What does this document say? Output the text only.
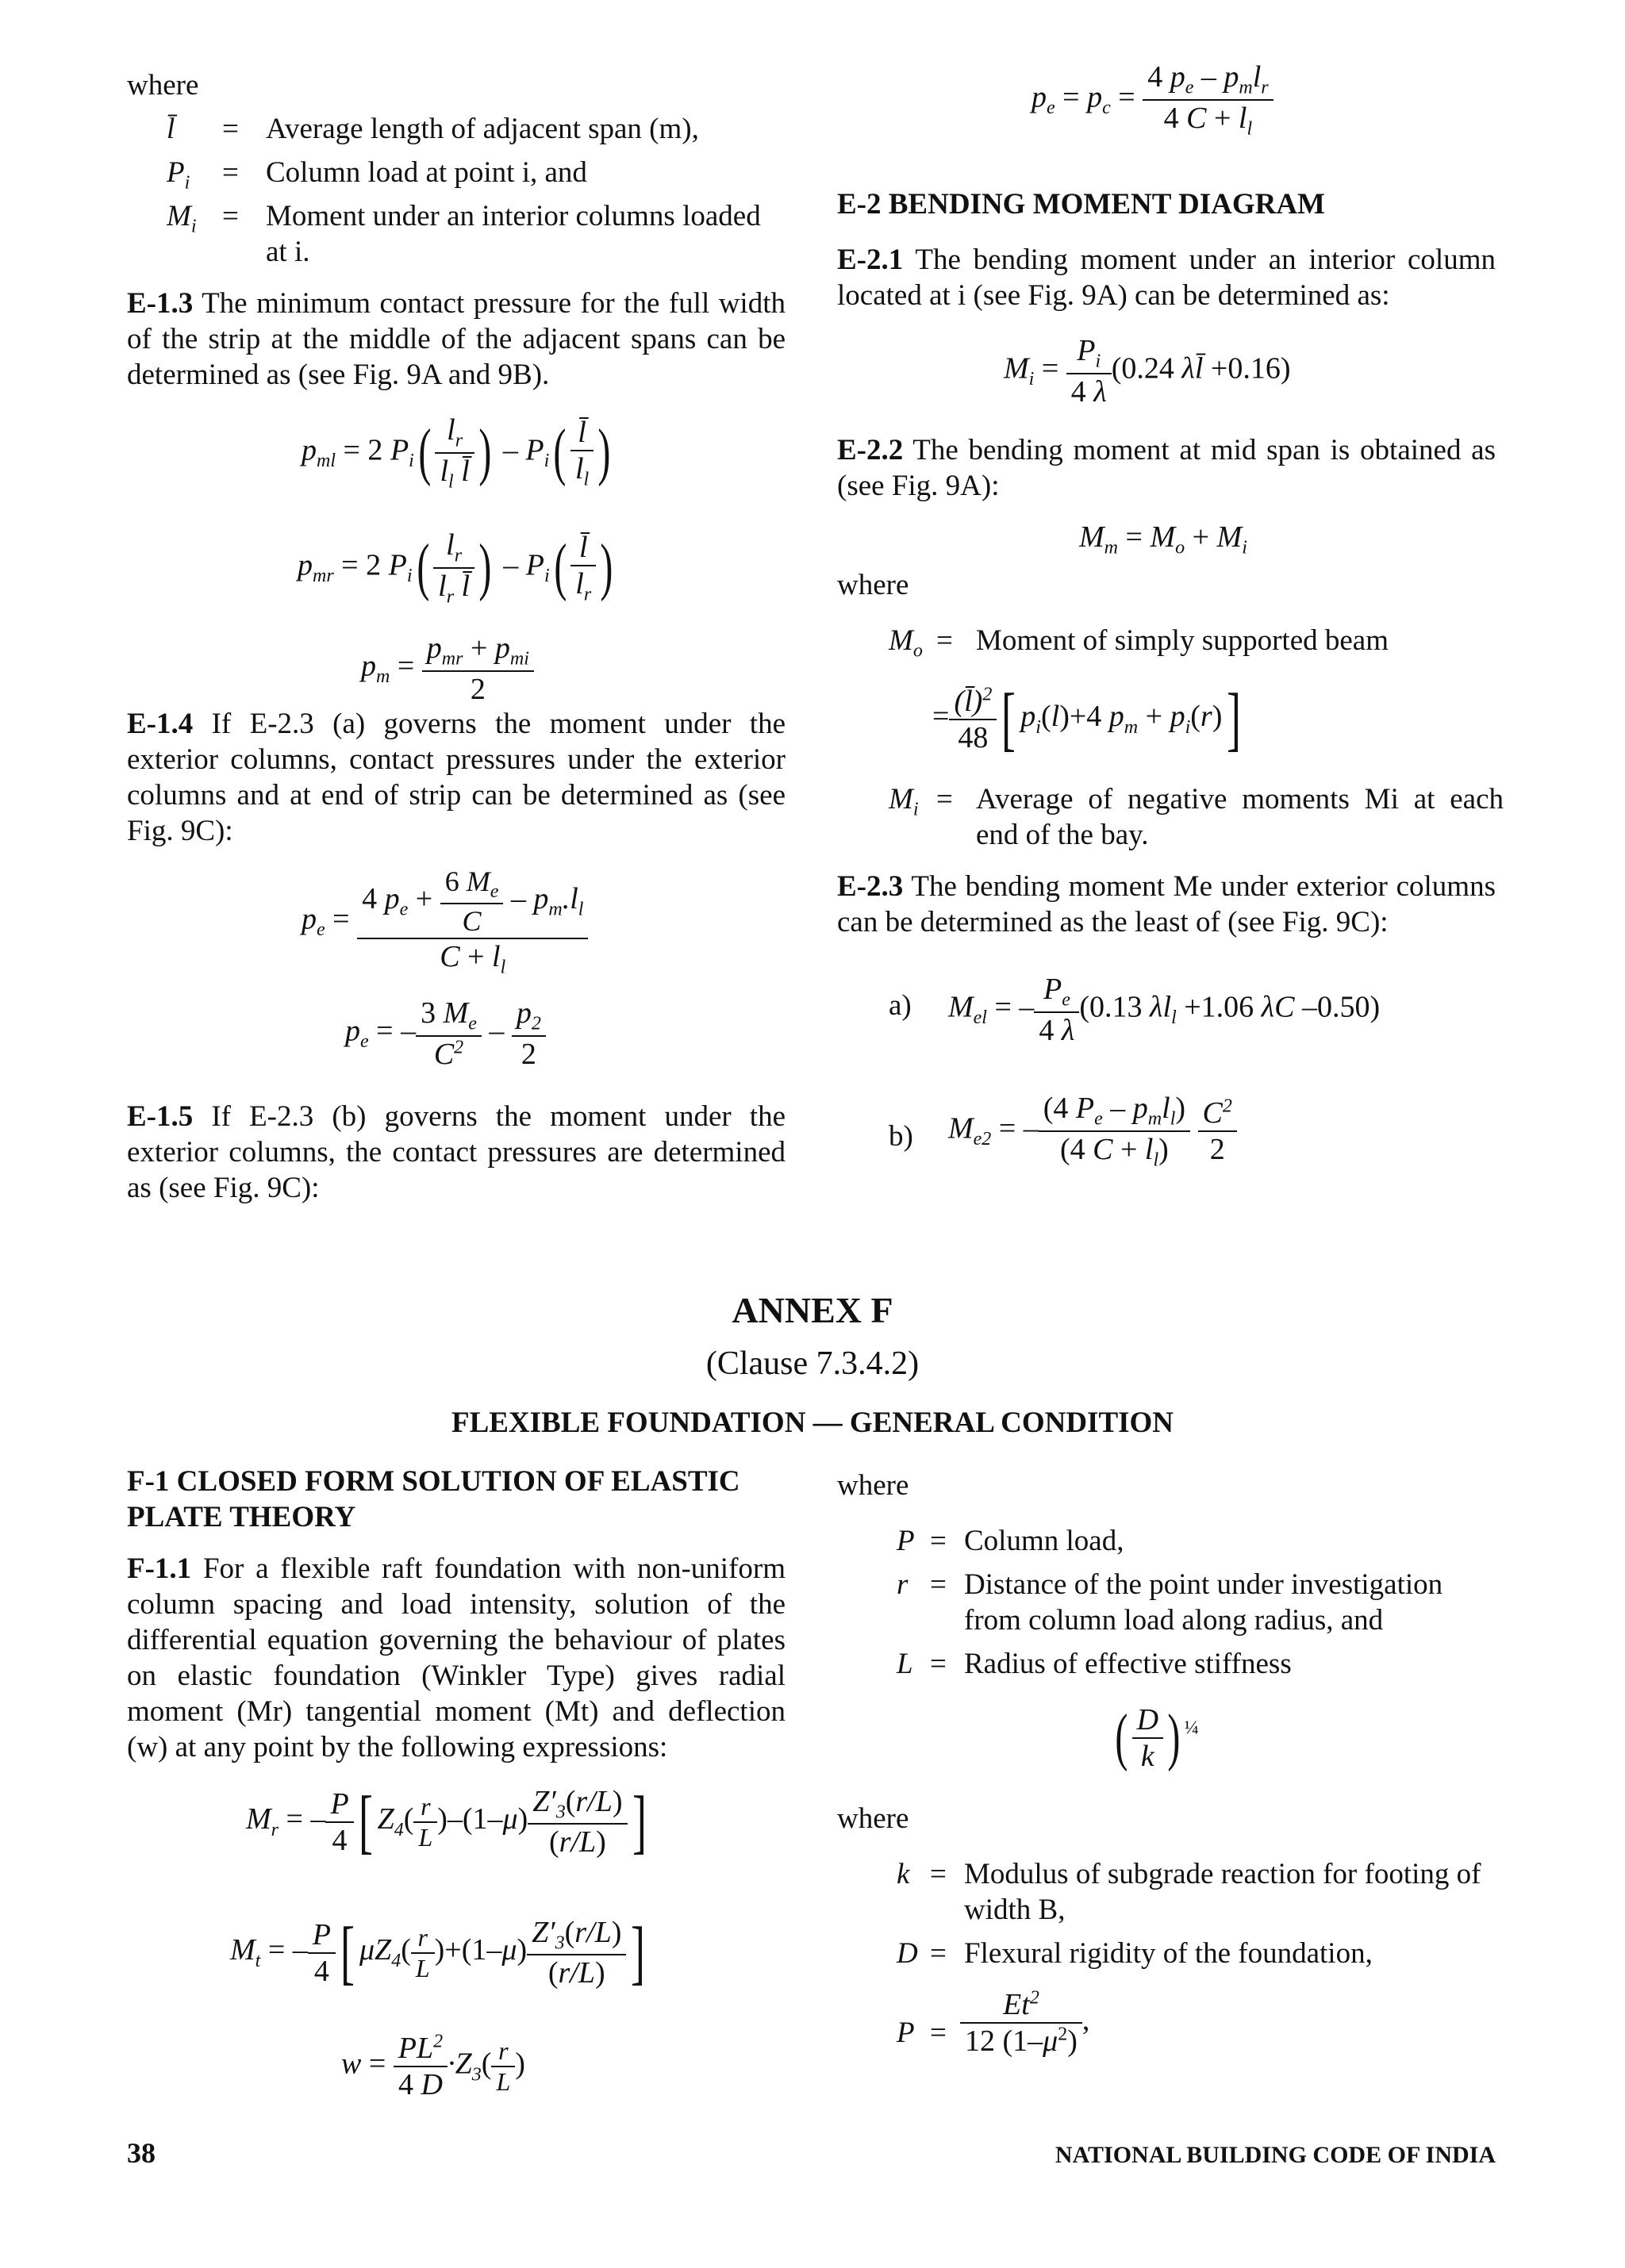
where
l̄ = Average length of adjacent span (m),
$P_i$ = Column load at point i, and
$M_i$ = Moment under an interior columns loaded
at i.
E-1.3 The minimum contact pressure for the full width of the strip at the middle of the adjacent spans can be determined as (see Fig. 9A and 9B).
$p_{ml} = 2$ $P_i( \frac{l_r}{l_l l̄}$ ) – $P_i( \frac{l̄}{l_l}$ )
$p_{mr} = 2$ $P_i( \frac{l_r}{l_r l̄}$ ) – $P_i( \frac{l̄}{l_r}$ )
$p_m = \frac{p_{mr} + p_{mi}}{2}$
E-1.4 If E-2.3 (a) governs the moment under the exterior columns, contact pressures under the exterior columns and at end of strip can be determined as (see Fig. 9C):
$p_e = \frac{4 p_e + \frac{6 M_e}{C} - p_m.l_l}{C + l_l}$
$p_e$ = – $\frac{3 M_e}{C^2} - \frac{p_2}{2}$
E-1.5 If E-2.3 (b) governs the moment under the exterior columns, the contact pressures are determined as (see Fig. 9C):
$p_e = p_c = \frac{4 p_e - p_ml_r}{4 C + l_l}$
E-2 BENDING MOMENT DIAGRAM
E-2.1 The bending moment under an interior column located at i (see Fig. 9A) can be determined as:
$M_i = \frac{P_i}{4 \lambda} (0.24$ λl̄ +0.16)
E-2.2 The bending moment at mid span is obtained as (see Fig. 9A):
$M_m = M_o + M_i$
where
$M_o$ = Moment of simply supported beam
= $\frac{(l̄)^2}{48}$ [ $p_i(l)+4$ $p_m + p_i(r)$]
$M_i$ = Average of negative moments Mi at each end of the bay.
E-2.3 The bending moment Me under exterior columns can be determined as the least of (see Fig. 9C):
a) $M_{el}$ = – $\frac{P_e}{4 \lambda} (0.13$ $\lambda l_l +1.06$ λC –0.50)
b) $M_{e2}$ = – $\frac{(4 P_e - p_ml_l)}{(4 C + l_l)}$
$\frac{C^2}{2}$
ANNEX F
(Clause 7.3.4.2)
FLEXIBLE FOUNDATION — GENERAL CONDITION
F-1 CLOSED FORM SOLUTION OF ELASTIC PLATE THEORY
F-1.1 For a flexible raft foundation with non-uniform column spacing and load intensity, solution of the differential equation governing the behaviour of plates on elastic foundation (Winkler Type) gives radial moment (Mr) tangential moment (Mt) and deflection (w) at any point by the following expressions:
$M_r$ = – $\frac{P}{4}$ [ $Z_4( \frac{r}{L} )-(1-\mu) \frac{Z'_3(r/L)}{(r/L)}$ ]
$M_t$ = – $\frac{P}{4}$ [ $\mu Z_4( \frac{r}{L} )+(1-\mu) \frac{Z'_3(r/L)}{(r/L)}$ ]
$w = \frac{PL^2}{4 D} \cdot Z_3( \frac{r}{L}$ )
where
P = Column load,
r = Distance of the point under investigation from column load along radius, and
L = Radius of effective stiffness
( $\frac{D}{k}$ ) $^{\frac{1}{4}}$
where
k = Modulus of subgrade reaction for footing of width B,
D = Flexural rigidity of the foundation,
$P = \frac{Et^2}{12 (1-\mu^2)}$ ,
38	NATIONAL BUILDING CODE OF INDIA
